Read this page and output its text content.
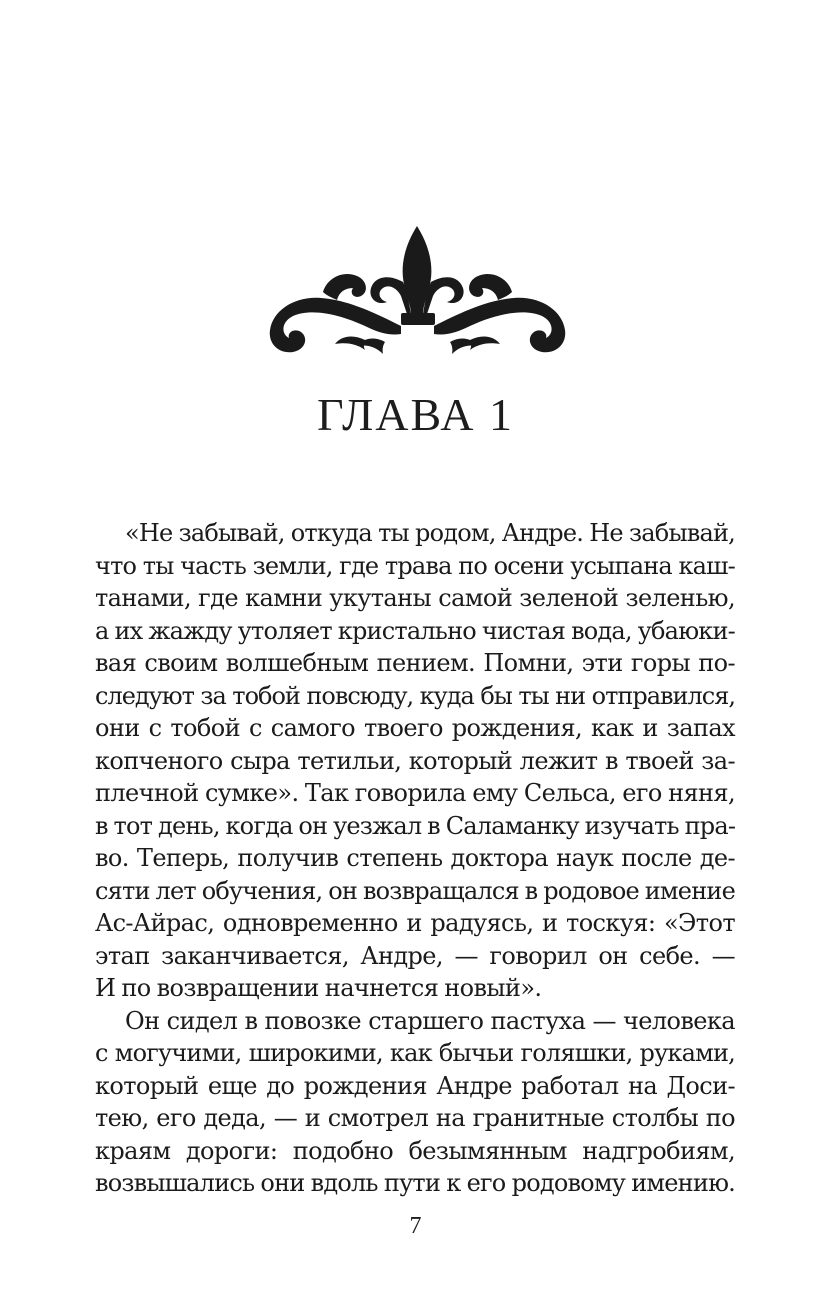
ГЛАВА 1
«Не забывай, откуда ты родом, Андре. Не забывай,
что ты часть земли, где трава по осени усыпана каш-
танами, где камни укутаны самой зеленой зеленью,
а их жажду утоляет кристально чистая вода, убаюки-
вая своим волшебным пением. Помни, эти горы по-
следуют за тобой повсюду, куда бы ты ни отправился,
они с тобой с самого твоего рождения, как и запах
копченого сыра тетильи, который лежит в твоей за-
плечной сумке». Так говорила ему Сельса, его няня,
в тот день, когда он уезжал в Саламанку изучать пра-
во. Теперь, получив степень доктора наук после де-
сяти лет обучения, он возвращался в родовое имение
Ас-Айрас, одновременно и радуясь, и тоскуя: «Этот
этап заканчивается, Андре, — говорил он себе. —
И по возвращении начнется новый».
Он сидел в повозке старшего пастуха — человека
с могучими, широкими, как бычьи голяшки, руками,
который еще до рождения Андре работал на Доси-
тею, его деда, — и смотрел на гранитные столбы по
краям дороги: подобно безымянным надгробиям,
возвышались они вдоль пути к его родовому имению.
7
